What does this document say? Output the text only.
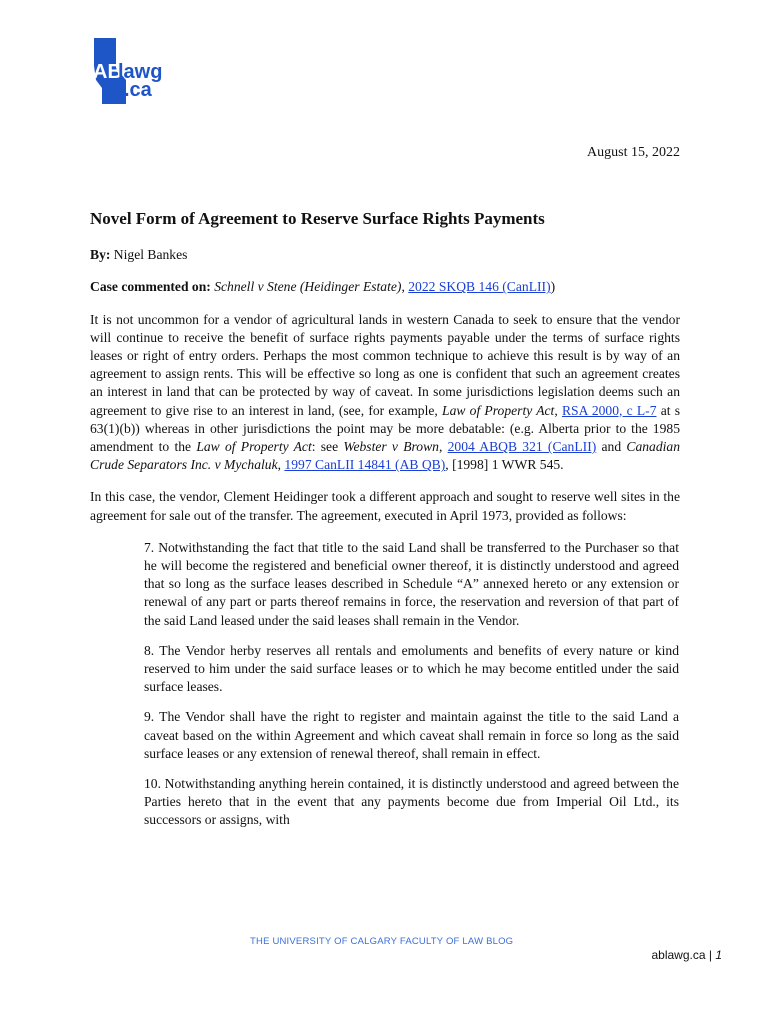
AB
lawg
.ca
August 15, 2022
Novel Form of Agreement to Reserve Surface Rights Payments
By: Nigel Bankes
Case commented on: Schnell v Stene (Heidinger Estate), 2022 SKQB 146 (CanLII))

It is not uncommon for a vendor of agricultural lands in western Canada to seek to ensure that the vendor will continue to receive the benefit of surface rights payments payable under the terms of surface rights leases or right of entry orders. Perhaps the most common technique to achieve this result is by way of an agreement to assign rents. This will be effective so long as one is confident that such an agreement creates an interest in land that can be protected by way of caveat. In some jurisdictions legislation deems such an agreement to give rise to an interest in land, (see, for example, Law of Property Act, RSA 2000, c L-7 at s 63(1)(b)) whereas in other jurisdictions the point may be more debatable: (e.g. Alberta prior to the 1985 amendment to the Law of Property Act: see Webster v Brown, 2004 ABQB 321 (CanLII) and Canadian Crude Separators Inc. v Mychaluk, 1997 CanLII 14841 (AB QB), [1998] 1 WWR 545.

In this case, the vendor, Clement Heidinger took a different approach and sought to reserve well sites in the agreement for sale out of the transfer. The agreement, executed in April 1973, provided as follows:

7. Notwithstanding the fact that title to the said Land shall be transferred to the Purchaser so that he will become the registered and beneficial owner thereof, it is distinctly understood and agreed that so long as the surface leases described in Schedule “A” annexed hereto or any extension or renewal of any part or parts thereof remains in force, the reservation and reversion of that part of the said Land leased under the said leases shall remain in the Vendor.

8. The Vendor herby reserves all rentals and emoluments and benefits of every nature or kind reserved to him under the said surface leases or to which he may become entitled under the said surface leases.

9. The Vendor shall have the right to register and maintain against the title to the said Land a caveat based on the within Agreement and which caveat shall remain in force so long as the said surface leases or any extension of renewal thereof, shall remain in effect.

10. Notwithstanding anything herein contained, it is distinctly understood and agreed between the Parties hereto that in the event that any payments become due from Imperial Oil Ltd., its successors or assigns, with

THE UNIVERSITY OF CALGARY FACULTY OF LAW BLOG
ablawg.ca | 1
